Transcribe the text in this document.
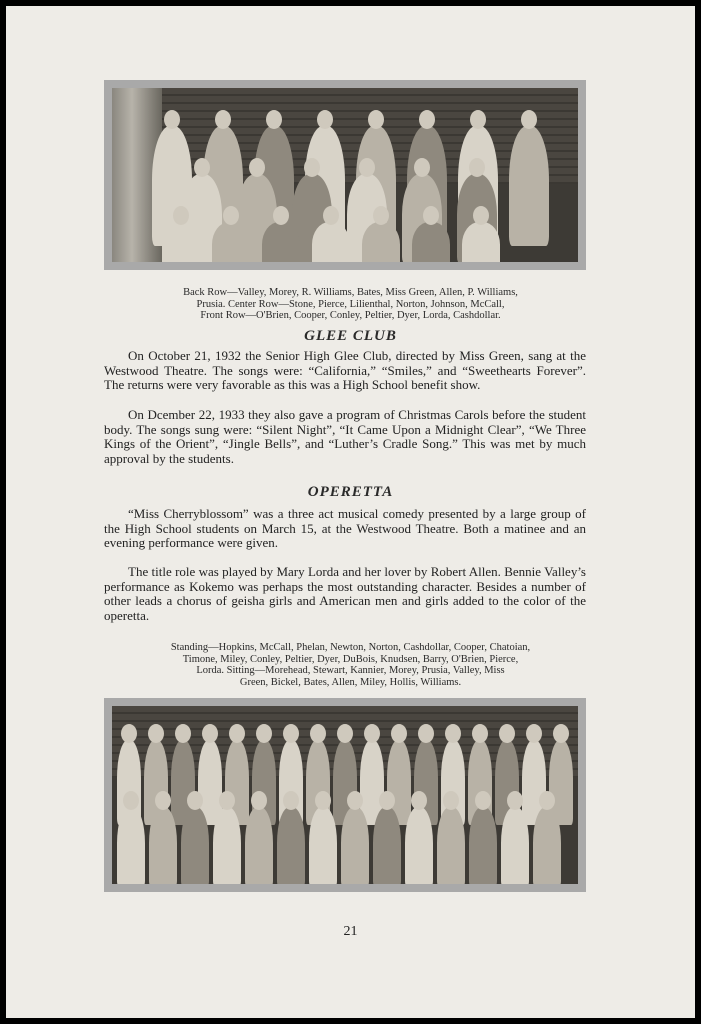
Back Row—Valley, Morey, R. Williams, Bates, Miss Green, Allen, P. Williams,
Prusia. Center Row—Stone, Pierce, Lilienthal, Norton, Johnson, McCall,
Front Row—O'Brien, Cooper, Conley, Peltier, Dyer, Lorda, Cashdollar.

GLEE CLUB

On October 21, 1932 the Senior High Glee Club, directed by Miss Green, sang at the Westwood Theatre. The songs were: “California,” “Smiles,” and “Sweethearts Forever”. The returns were very favorable as this was a High School benefit show.

On Dcember 22, 1933 they also gave a program of Christmas Carols before the student body. The songs sung were: “Silent Night”, “It Came Upon a Midnight Clear”, “We Three Kings of the Orient”, “Jingle Bells”, and “Luther’s Cradle Song.” This was met by much approval by the students.

OPERETTA

“Miss Cherryblossom” was a three act musical comedy presented by a large group of the High School students on March 15, at the Westwood Theatre. Both a matinee and an evening performance were given.

The title role was played by Mary Lorda and her lover by Robert Allen. Bennie Valley’s performance as Kokemo was perhaps the most outstanding character. Besides a number of other leads a chorus of geisha girls and American men and girls added to the color of the operetta.

Standing—Hopkins, McCall, Phelan, Newton, Norton, Cashdollar, Cooper, Chatoian,
Timone, Miley, Conley, Peltier, Dyer, DuBois, Knudsen, Barry, O'Brien, Pierce,
Lorda. Sitting—Morehead, Stewart, Kannier, Morey, Prusia, Valley, Miss
Green, Bickel, Bates, Allen, Miley, Hollis, Williams.

21
